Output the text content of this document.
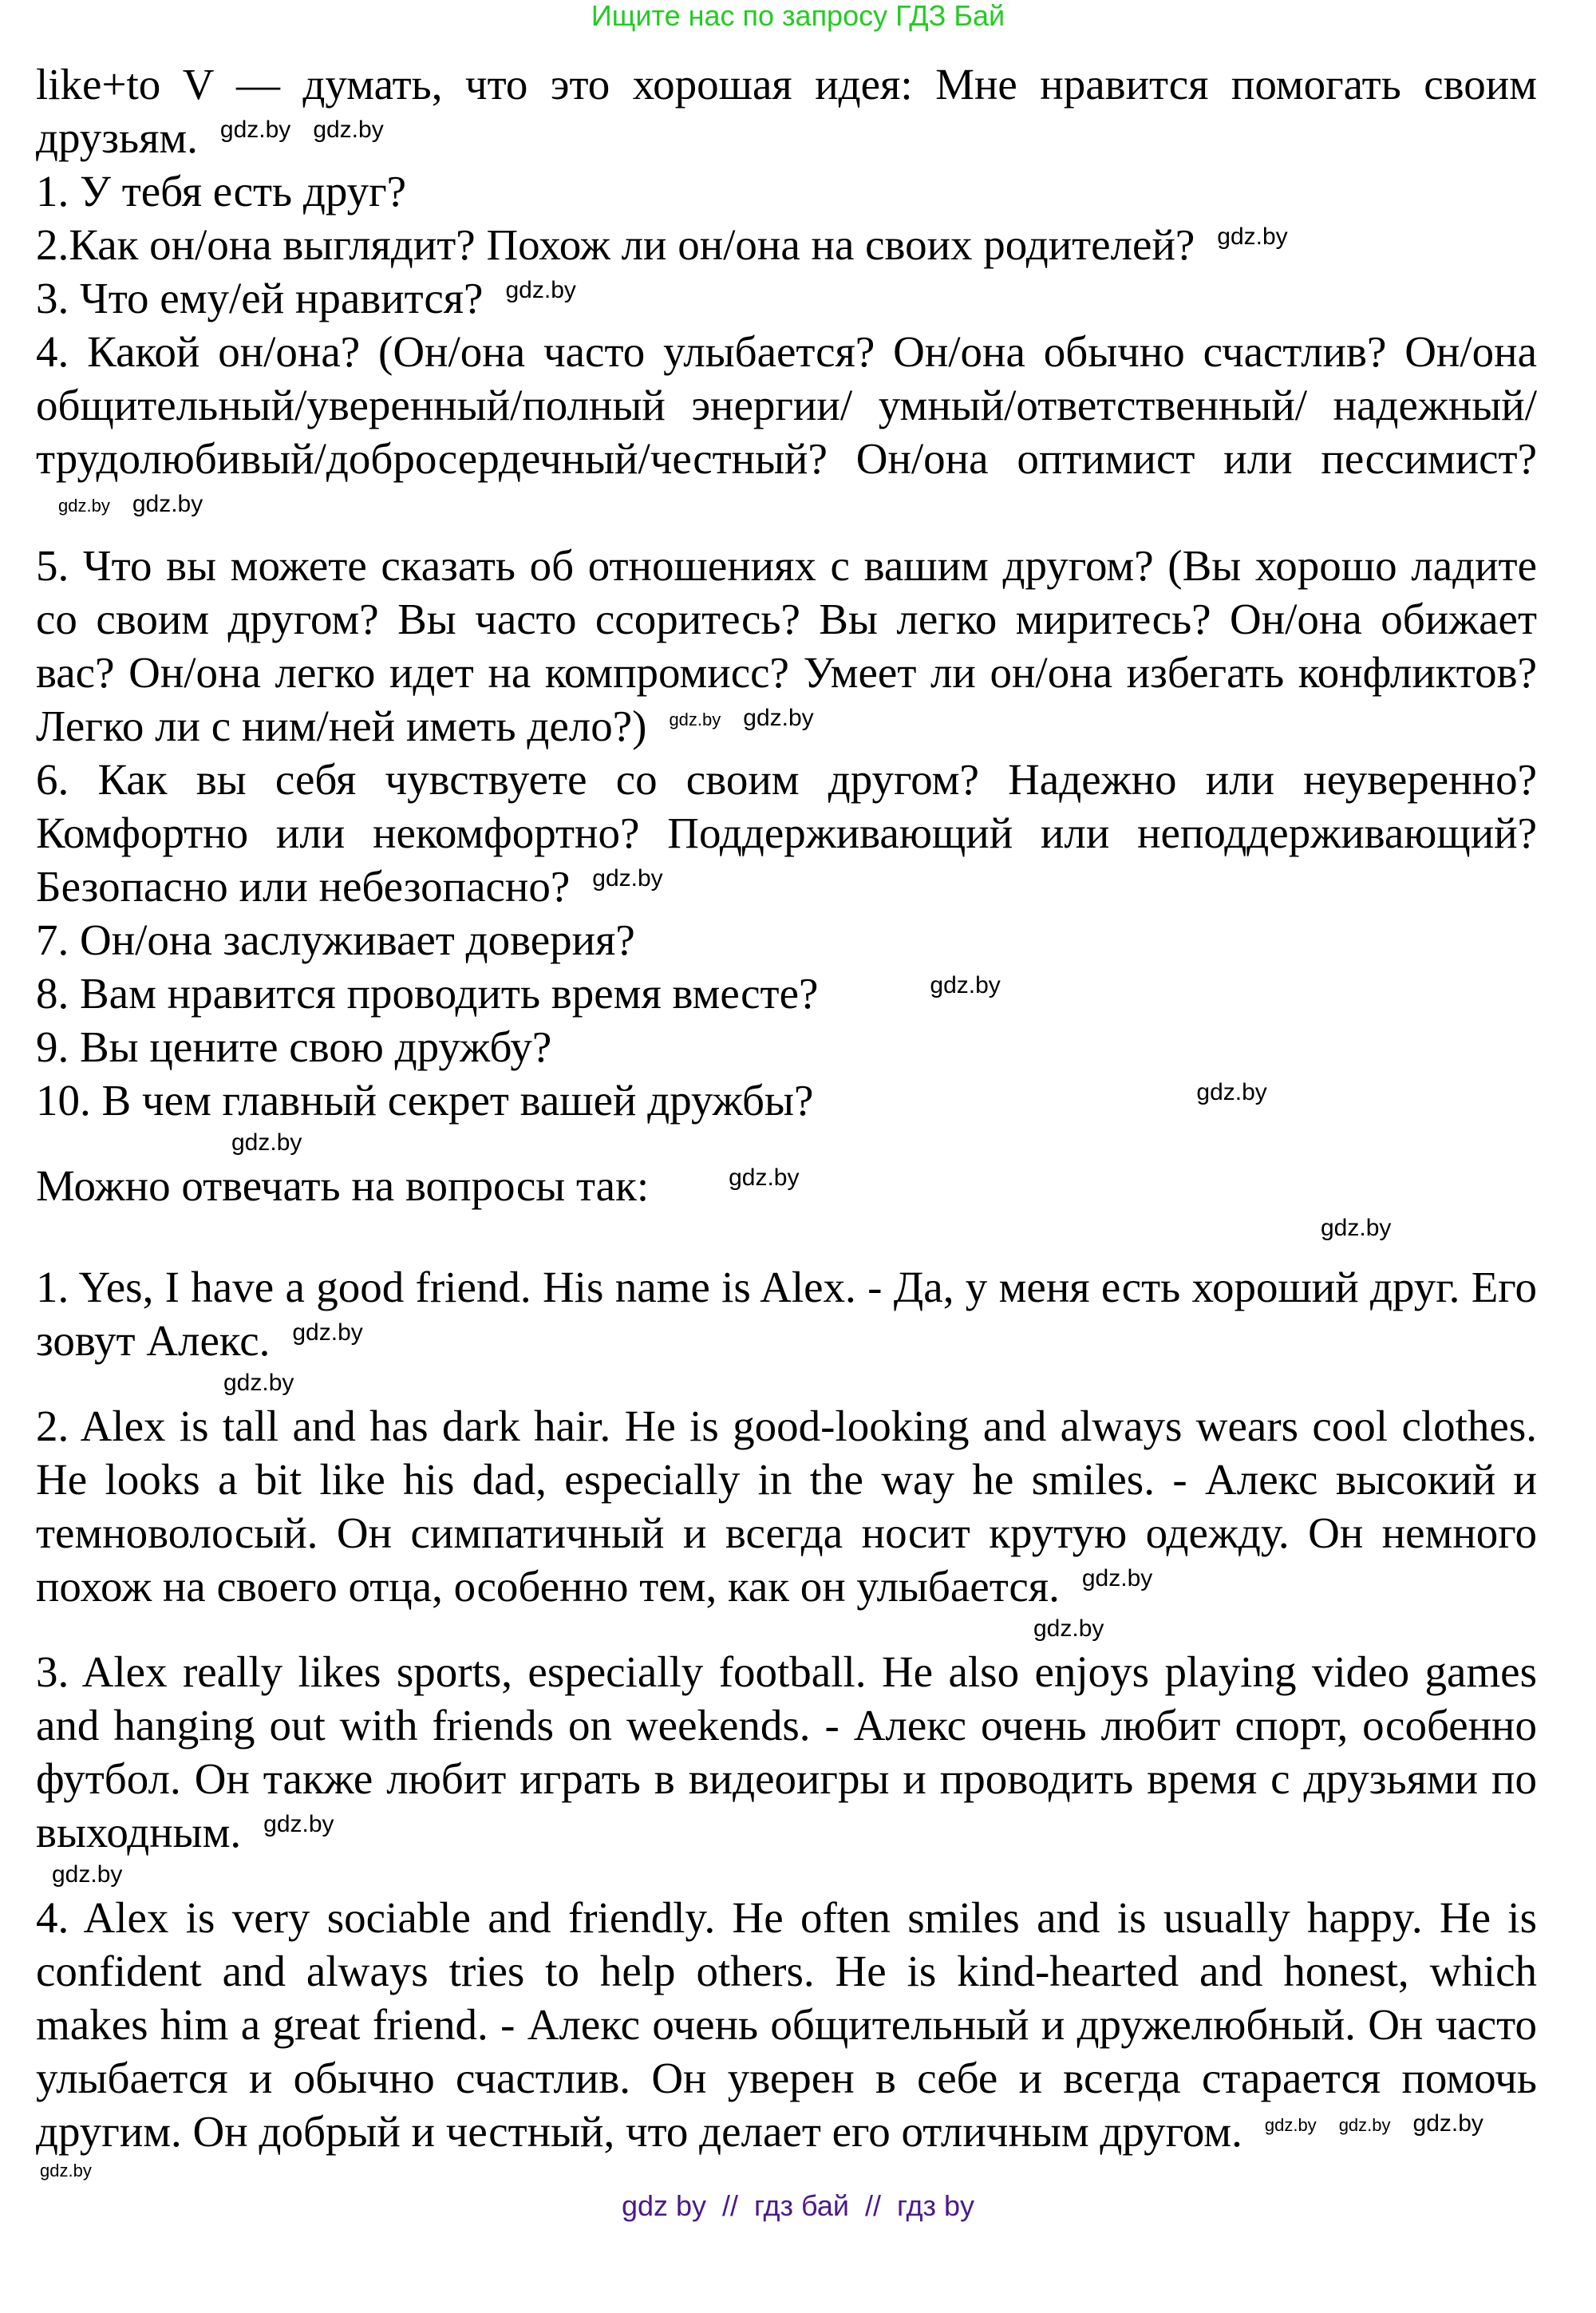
Ищите нас по запросу ГДЗ Бай

like+to V — думать, что это хорошая идея: Мне нравится помогать своим друзьям. $^{gdz.by}$ $^{gdz.by}$

1. У тебя есть друг?

2.Как он/она выглядит? Похож ли он/она на своих родителей? $^{gdz.by}$

3. Что ему/ей нравится? $^{gdz.by}$

4. Какой он/она? (Он/она часто улыбается? Он/она обычно счастлив? Он/она общительный/уверенный/полный энергии/ умный/ответственный/ надежный/трудолюбивый/добросердечный/честный? Он/она оптимист или пессимист?$^{gdz.by}$ $^{gdz.by}$

5. Что вы можете сказать об отношениях с вашим другом? (Вы хорошо ладите со своим другом? Вы часто ссоритесь? Вы легко миритесь? Он/она обижает вас? Он/она легко идет на компромисс? Умеет ли он/она избегать конфликтов? Легко ли с ним/ней иметь дело?) $^{gdz.by}$ $^{gdz.by}$

6. Как вы себя чувствуете со своим другом? Надежно или неуверенно? Комфортно или некомфортно? Поддерживающий или неподдерживающий? Безопасно или небезопасно? $^{gdz.by}$

7. Он/она заслуживает доверия?

8. Вам нравится проводить время вместе?	$^{gdz.by}$

9. Вы цените свою дружбу?

10. В чем главный секрет вашей дружбы?	$^{gdz.by}$

gdz.by

Можно отвечать на вопросы так:	$^{gdz.by}$

gdz.by

1. Yes, I have a good friend. His name is Alex. - Да, у меня есть хороший друг. Его зовут Алекс. $^{gdz.by}$

gdz.by

2. Alex is tall and has dark hair. He is good-looking and always wears cool clothes. He looks a bit like his dad, especially in the way he smiles. - Алекс высокий и темноволосый. Он симпатичный и всегда носит крутую одежду. Он немного похож на своего отца, особенно тем, как он улыбается. $^{gdz.by}$

gdz.by

3. Alex really likes sports, especially football. He also enjoys playing video games and hanging out with friends on weekends. - Алекс очень любит спорт, особенно футбол. Он также любит играть в видеоигры и проводить время с друзьями по выходным. $^{gdz.by}$

gdz.by

4. Alex is very sociable and friendly. He often smiles and is usually happy. He is confident and always tries to help others. He is kind-hearted and honest, which makes him a great friend. - Алекс очень общительный и дружелюбный. Он часто улыбается и обычно счастлив. Он уверен в себе и всегда старается помочь другим. Он добрый и честный, что делает его отличным другом. $^{gdz.by}$ $^{gdz.by}$ $^{gdz.by}$

gdz.by
gdz by  //  гдз бай  //  гдз by
